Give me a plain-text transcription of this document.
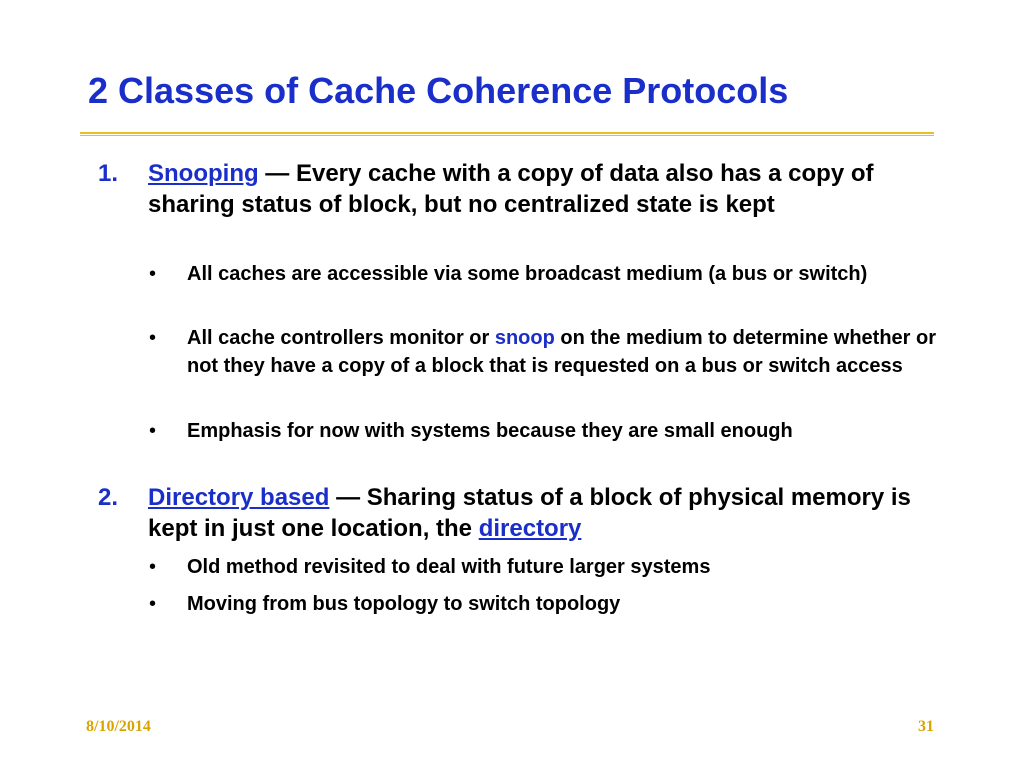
2 Classes of Cache Coherence Protocols
1. Snooping — Every cache with a copy of data also has a copy of sharing status of block, but no centralized state is kept
• All caches are accessible via some broadcast medium (a bus or switch)
• All cache controllers monitor or snoop on the medium to determine whether or not they have a copy of a block that is requested on a bus or switch access
• Emphasis for now with systems because they are small enough
2. Directory based — Sharing status of a block of physical memory is kept in just one location, the directory
• Old method revisited to deal with future larger systems
• Moving from bus topology to switch topology
8/10/2014	31
